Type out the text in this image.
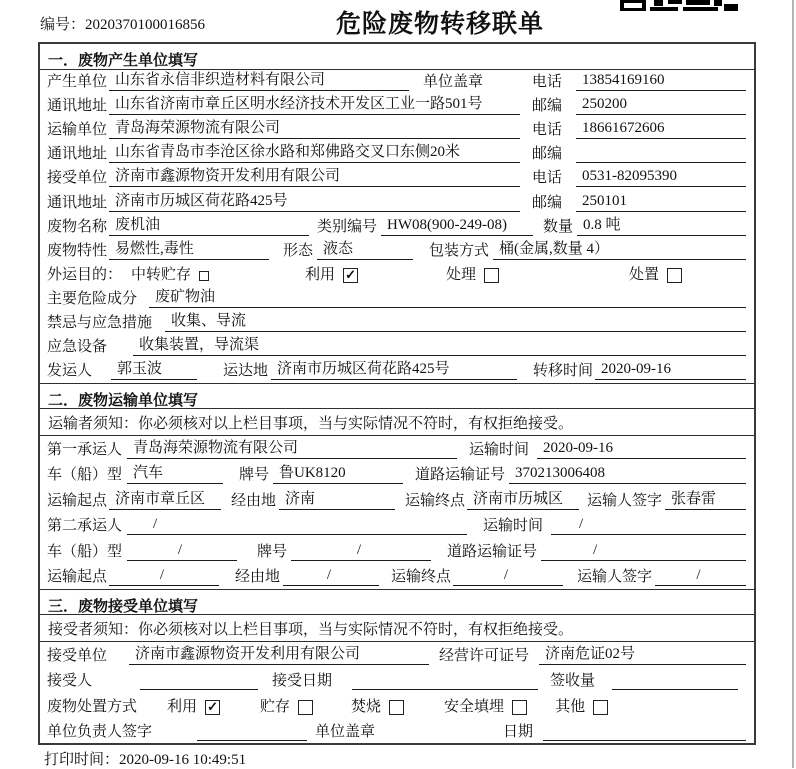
编号：2020370100016856	危险废物转移联单
一．废物产生单位填写
产生单位 山东省永信非织造材料有限公司	单位盖章	电话	13854169160
通讯地址 山东省济南市章丘区明水经济技术开发区工业一路501号	邮编	250200
运输单位 青岛海荣源物流有限公司	电话	18661672606
通讯地址 山东省青岛市李沧区徐水路和郑佛路交叉口东侧20米	邮编
接受单位 济南市鑫源物资开发利用有限公司	电话	0531-82095390
通讯地址 济南市历城区荷花路425号	邮编	250101
废物名称 废机油	类别编号 HW08(900-249-08)	数量 0.8 吨
废物特性 易燃性,毒性	形态 液态	包装方式 桶(金属,数量 4）
外运目的： 中转贮存	利用 ✓	处理	处置
主要危险成分	废矿物油
禁忌与应急措施	收集、导流
应急设备	收集装置，导流渠
发运人	郭玉波	运达地 济南市历城区荷花路425号	转移时间 2020-09-16
二．废物运输单位填写
运输者须知：你必须核对以上栏目事项，当与实际情况不符时，有权拒绝接受。
第一承运人 青岛海荣源物流有限公司	运输时间 2020-09-16
车（船）型 汽车	牌号 鲁UK8120	道路运输证号 370213006408
运输起点 济南市章丘区	经由地 济南	运输终点 济南市历城区	运输人签字 张春雷
第二承运人	/	运输时间	/
车（船）型	/	牌号	/	道路运输证号	/
运输起点	/	经由地	/	运输终点	/	运输人签字	/
三．废物接受单位填写
接受者须知：你必须核对以上栏目事项，当与实际情况不符时，有权拒绝接受。
接受单位	济南市鑫源物资开发利用有限公司	经营许可证号	济南危证02号
接受人	接受日期	签收量
废物处置方式 利用 ✓	贮存	焚烧	安全填埋	其他
单位负责人签字	单位盖章	日期
打印时间：2020-09-16 10:49:51
